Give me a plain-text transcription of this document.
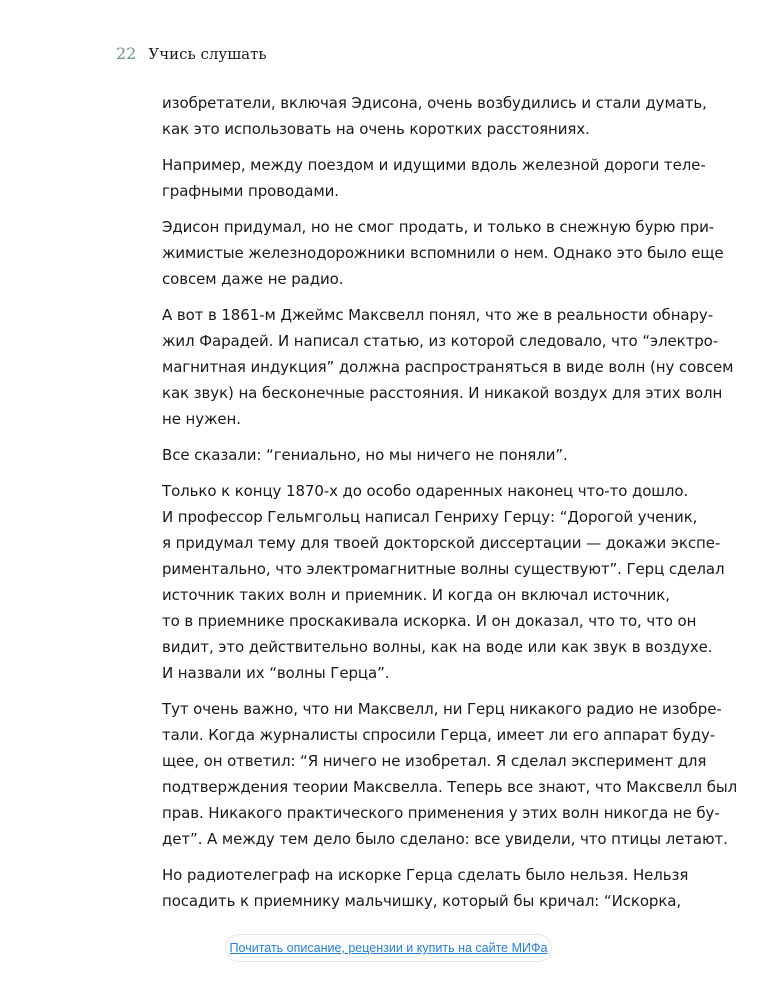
22 Учись слушать
изобретатели, включая Эдисона, очень возбудились и стали думать,
как это использовать на очень коротких расстояниях.
Например, между поездом и идущими вдоль железной дороги теле-
графными проводами.
Эдисон придумал, но не смог продать, и только в снежную бурю при-
жимистые железнодорожники вспомнили о нем. Однако это было еще
совсем даже не радио.
А вот в 1861-м Джеймс Максвелл понял, что же в реальности обнару-
жил Фарадей. И написал статью, из которой следовало, что “электро-
магнитная индукция” должна распространяться в виде волн (ну совсем
как звук) на бесконечные расстояния. И никакой воздух для этих волн
не нужен.
Все сказали: “гениально, но мы ничего не поняли”.
Только к концу 1870-х до особо одаренных наконец что-то дошло.
И профессор Гельмгольц написал Генриху Герцу: “Дорогой ученик,
я придумал тему для твоей докторской диссертации — докажи экспе-
риментально, что электромагнитные волны существуют”. Герц сделал
источник таких волн и приемник. И когда он включал источник,
то в приемнике проскакивала искорка. И он доказал, что то, что он
видит, это действительно волны, как на воде или как звук в воздухе.
И назвали их “волны Герца”.
Тут очень важно, что ни Максвелл, ни Герц никакого радио не изобре-
тали. Когда журналисты спросили Герца, имеет ли его аппарат буду-
щее, он ответил: “Я ничего не изобретал. Я сделал эксперимент для
подтверждения теории Максвелла. Теперь все знают, что Максвелл был
прав. Никакого практического применения у этих волн никогда не бу-
дет”. А между тем дело было сделано: все увидели, что птицы летают.
Но радиотелеграф на искорке Герца сделать было нельзя. Нельзя
посадить к приемнику мальчишку, который бы кричал: “Искорка,
Почитать описание, рецензии и купить на сайте МИФа
